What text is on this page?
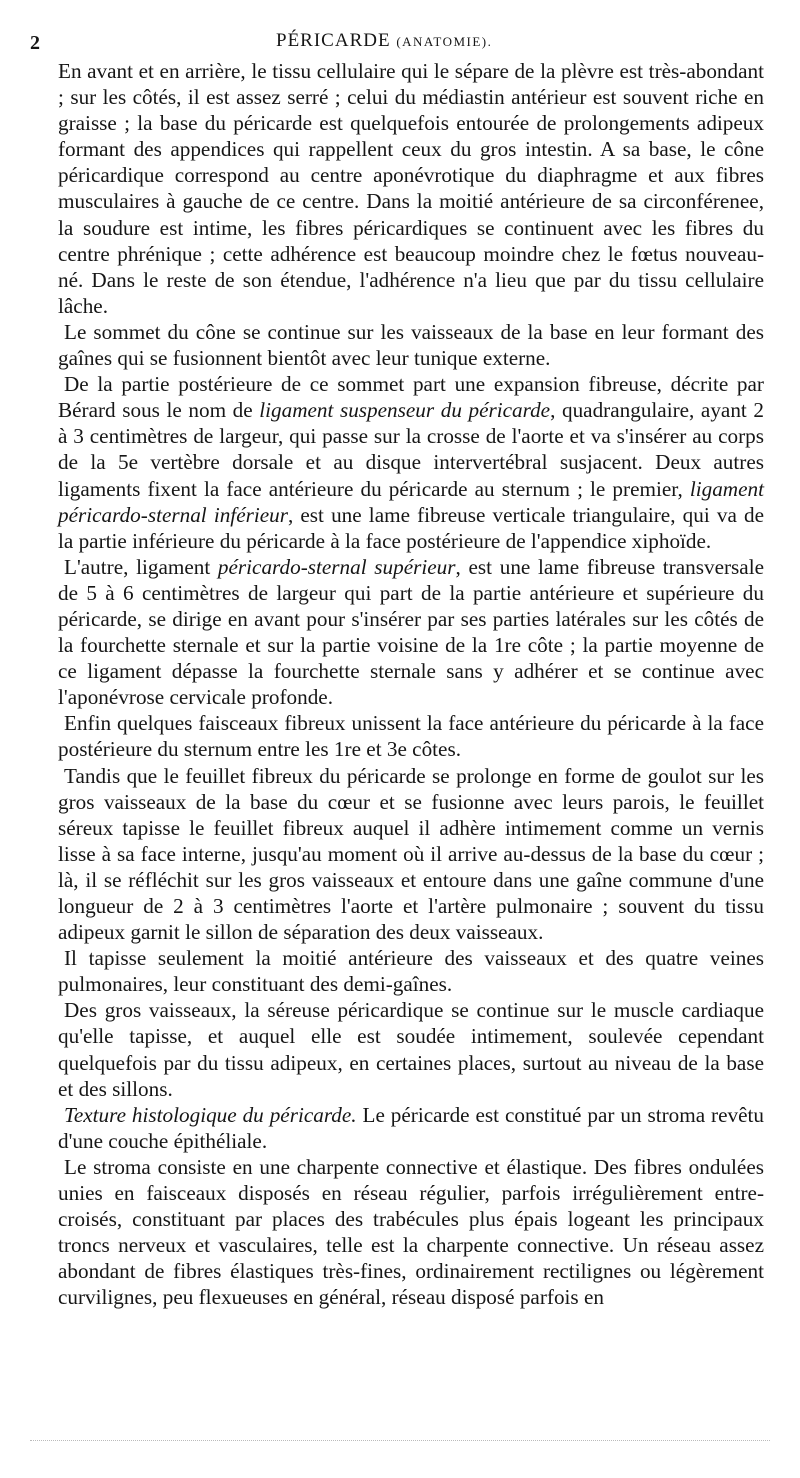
2	PÉRICARDE (ANATOMIE).

En avant et en arrière, le tissu cellulaire qui le sépare de la plèvre est très-abondant ; sur les côtés, il est assez serré ; celui du médiastin antérieur est souvent riche en graisse ; la base du péricarde est quelquefois entourée de prolongements adipeux formant des appendices qui rappellent ceux du gros intestin. A sa base, le cône péricardique correspond au centre aponévrotique du diaphragme et aux fibres musculaires à gauche de ce centre. Dans la moitié antérieure de sa circonférenee, la soudure est intime, les fibres péricardiques se continuent avec les fibres du centre phrénique ; cette adhérence est beaucoup moindre chez le fœtus nouveau-né. Dans le reste de son étendue, l'adhérence n'a lieu que par du tissu cellulaire lâche.

Le sommet du cône se continue sur les vaisseaux de la base en leur formant des gaînes qui se fusionnent bientôt avec leur tunique externe.

De la partie postérieure de ce sommet part une expansion fibreuse, décrite par Bérard sous le nom de ligament suspenseur du péricarde, quadrangulaire, ayant 2 à 3 centimètres de largeur, qui passe sur la crosse de l'aorte et va s'insérer au corps de la 5e vertèbre dorsale et au disque intervertébral susjacent. Deux autres ligaments fixent la face antérieure du péricarde au sternum ; le premier, ligament péricardo-sternal inférieur, est une lame fibreuse verticale triangulaire, qui va de la partie inférieure du péricarde à la face postérieure de l'appendice xiphoïde.

L'autre, ligament péricardo-sternal supérieur, est une lame fibreuse transversale de 5 à 6 centimètres de largeur qui part de la partie antérieure et supérieure du péricarde, se dirige en avant pour s'insérer par ses parties latérales sur les côtés de la fourchette sternale et sur la partie voisine de la 1re côte ; la partie moyenne de ce ligament dépasse la fourchette sternale sans y adhérer et se continue avec l'aponévrose cervicale profonde.

Enfin quelques faisceaux fibreux unissent la face antérieure du péricarde à la face postérieure du sternum entre les 1re et 3e côtes.

Tandis que le feuillet fibreux du péricarde se prolonge en forme de goulot sur les gros vaisseaux de la base du cœur et se fusionne avec leurs parois, le feuillet séreux tapisse le feuillet fibreux auquel il adhère intimement comme un vernis lisse à sa face interne, jusqu'au moment où il arrive au-dessus de la base du cœur ; là, il se réfléchit sur les gros vaisseaux et entoure dans une gaîne commune d'une longueur de 2 à 3 centimètres l'aorte et l'artère pulmonaire ; souvent du tissu adipeux garnit le sillon de séparation des deux vaisseaux.

Il tapisse seulement la moitié antérieure des vaisseaux et des quatre veines pulmonaires, leur constituant des demi-gaînes.

Des gros vaisseaux, la séreuse péricardique se continue sur le muscle cardiaque qu'elle tapisse, et auquel elle est soudée intimement, soulevée cependant quelquefois par du tissu adipeux, en certaines places, surtout au niveau de la base et des sillons.

Texture histologique du péricarde. Le péricarde est constitué par un stroma revêtu d'une couche épithéliale.

Le stroma consiste en une charpente connective et élastique. Des fibres ondulées unies en faisceaux disposés en réseau régulier, parfois irrégulièrement entre-croisés, constituant par places des trabécules plus épais logeant les principaux troncs nerveux et vasculaires, telle est la charpente connective. Un réseau assez abondant de fibres élastiques très-fines, ordinairement rectilignes ou légèrement curvilignes, peu flexueuses en général, réseau disposé parfois en
